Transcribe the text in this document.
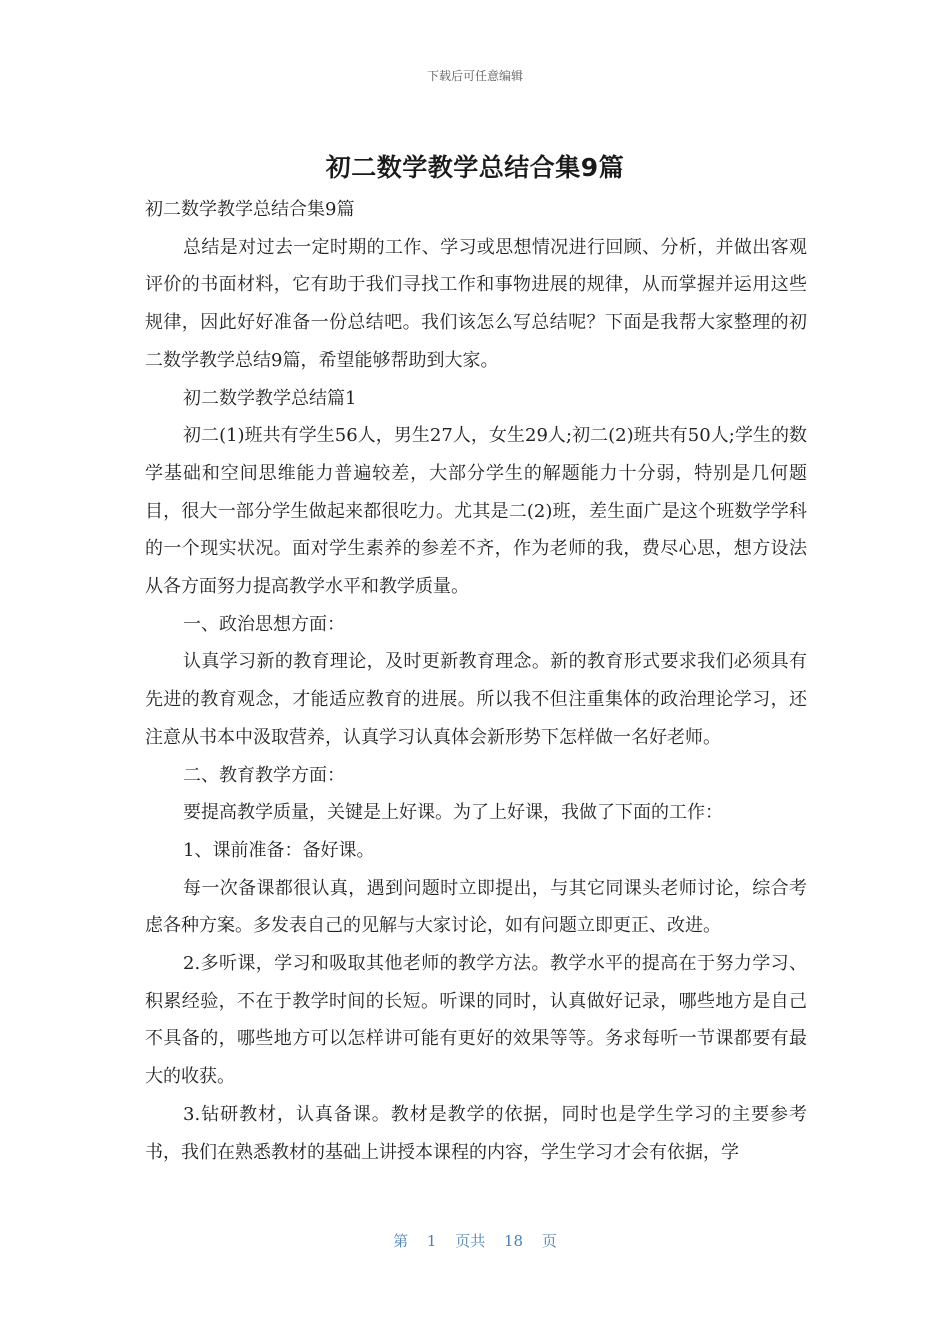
下载后可任意编辑
初二数学教学总结合集9篇

初二数学教学总结合集9篇

总结是对过去一定时期的工作、学习或思想情况进行回顾、分析，并做出客观评价的书面材料，它有助于我们寻找工作和事物进展的规律，从而掌握并运用这些规律，因此好好准备一份总结吧。我们该怎么写总结呢？下面是我帮大家整理的初二数学教学总结9篇，希望能够帮助到大家。

初二数学教学总结篇1

初二(1)班共有学生56人，男生27人，女生29人;初二(2)班共有50人;学生的数学基础和空间思维能力普遍较差，大部分学生的解题能力十分弱，特别是几何题目，很大一部分学生做起来都很吃力。尤其是二(2)班，差生面广是这个班数学学科的一个现实状况。面对学生素养的参差不齐，作为老师的我，费尽心思，想方设法从各方面努力提高教学水平和教学质量。

一、政治思想方面：

认真学习新的教育理论，及时更新教育理念。新的教育形式要求我们必须具有先进的教育观念，才能适应教育的进展。所以我不但注重集体的政治理论学习，还注意从书本中汲取营养，认真学习认真体会新形势下怎样做一名好老师。

二、教育教学方面：

要提高教学质量，关键是上好课。为了上好课，我做了下面的工作：

1、课前准备：备好课。

每一次备课都很认真，遇到问题时立即提出，与其它同课头老师讨论，综合考虑各种方案。多发表自己的见解与大家讨论，如有问题立即更正、改进。

2.多听课，学习和吸取其他老师的教学方法。教学水平的提高在于努力学习、积累经验，不在于教学时间的长短。听课的同时，认真做好记录，哪些地方是自己不具备的，哪些地方可以怎样讲可能有更好的效果等等。务求每听一节课都要有最大的收获。

3.钻研教材，认真备课。教材是教学的依据，同时也是学生学习的主要参考书，我们在熟悉教材的基础上讲授本课程的内容，学生学习才会有依据，学

第 1 页共 18 页
